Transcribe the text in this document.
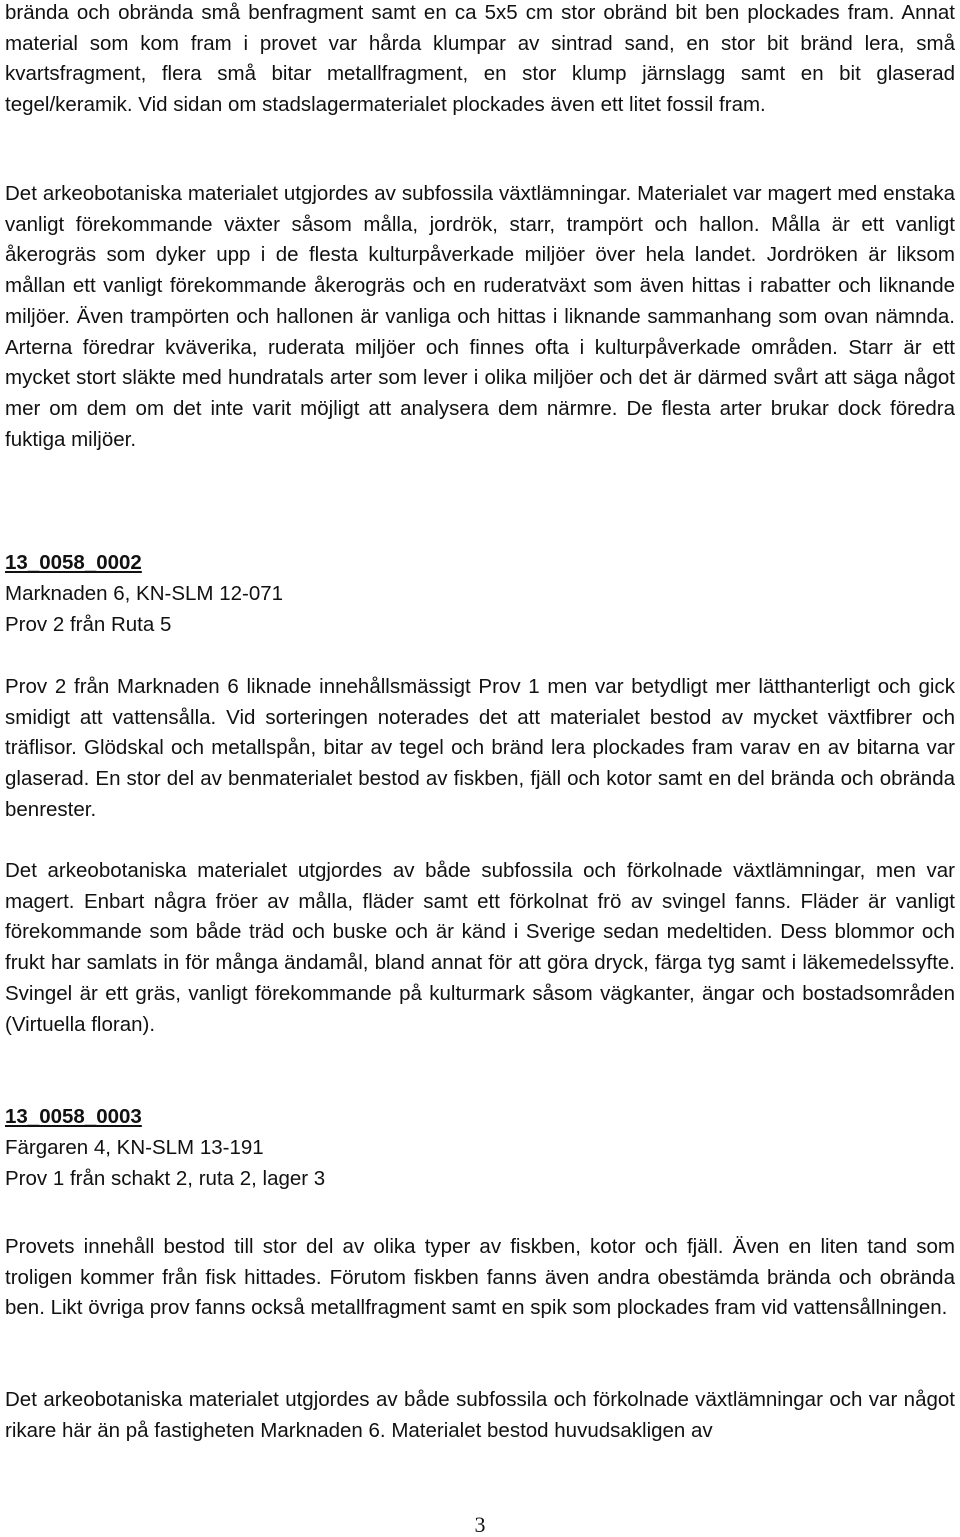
brända och obrända små benfragment samt en ca 5x5 cm stor obränd bit ben plockades fram. Annat material som kom fram i provet var hårda klumpar av sintrad sand, en stor bit bränd lera, små kvartsfragment, flera små bitar metallfragment, en stor klump järnslagg samt en bit glaserad tegel/keramik. Vid sidan om stadslagermaterialet plockades även ett litet fossil fram.

Det arkeobotaniska materialet utgjordes av subfossila växtlämningar. Materialet var magert med enstaka vanligt förekommande växter såsom målla, jordrök, starr, trampört och hallon. Målla är ett vanligt åkerogräs som dyker upp i de flesta kulturpåverkade miljöer över hela landet. Jordröken är liksom mållan ett vanligt förekommande åkerogräs och en ruderatväxt som även hittas i rabatter och liknande miljöer. Även trampörten och hallonen är vanliga och hittas i liknande sammanhang som ovan nämnda. Arterna föredrar kväverika, ruderata miljöer och finnes ofta i kulturpåverkade områden. Starr är ett mycket stort släkte med hundratals arter som lever i olika miljöer och det är därmed svårt att säga något mer om dem om det inte varit möjligt att analysera dem närmre. De flesta arter brukar dock föredra fuktiga miljöer.

13_0058_0002

Marknaden 6, KN-SLM 12-071

Prov 2 från Ruta 5

Prov 2 från Marknaden 6 liknade innehållsmässigt Prov 1 men var betydligt mer lätthanterligt och gick smidigt att vattensålla. Vid sorteringen noterades det att materialet bestod av mycket växtfibrer och träflisor. Glödskal och metallspån, bitar av tegel och bränd lera plockades fram varav en av bitarna var glaserad. En stor del av benmaterialet bestod av fiskben, fjäll och kotor samt en del brända och obrända benrester.

Det arkeobotaniska materialet utgjordes av både subfossila och förkolnade växtlämningar, men var magert. Enbart några fröer av målla, fläder samt ett förkolnat frö av svingel fanns. Fläder är vanligt förekommande som både träd och buske och är känd i Sverige sedan medeltiden. Dess blommor och frukt har samlats in för många ändamål, bland annat för att göra dryck, färga tyg samt i läkemedelssyfte. Svingel är ett gräs, vanligt förekommande på kulturmark såsom vägkanter, ängar och bostadsområden (Virtuella floran).

13_0058_0003

Färgaren 4, KN-SLM 13-191

Prov 1 från schakt 2, ruta 2, lager 3

Provets innehåll bestod till stor del av olika typer av fiskben, kotor och fjäll. Även en liten tand som troligen kommer från fisk hittades. Förutom fiskben fanns även andra obestämda brända och obrända ben. Likt övriga prov fanns också metallfragment samt en spik som plockades fram vid vattensållningen.

Det arkeobotaniska materialet utgjordes av både subfossila och förkolnade växtlämningar och var något rikare här än på fastigheten Marknaden 6. Materialet bestod huvudsakligen av

3
